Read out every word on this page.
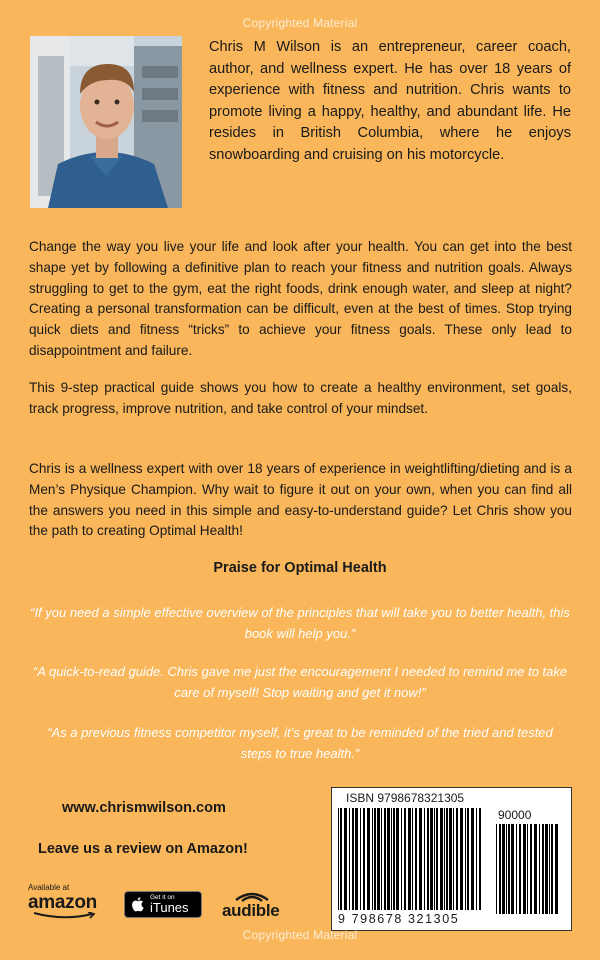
Copyrighted Material
Chris M Wilson is an entrepreneur, career coach, author, and wellness expert. He has over 18 years of experience with fitness and nutrition. Chris wants to promote living a happy, healthy, and abundant life. He resides in British Columbia, where he enjoys snowboarding and cruising on his motorcycle.
Change the way you live your life and look after your health. You can get into the best shape yet by following a definitive plan to reach your fitness and nutrition goals. Always struggling to get to the gym, eat the right foods, drink enough water, and sleep at night? Creating a personal transformation can be difficult, even at the best of times. Stop trying quick diets and fitness “tricks” to achieve your fitness goals. These only lead to disappointment and failure.
This 9-step practical guide shows you how to create a healthy environment, set goals, track progress, improve nutrition, and take control of your mindset.
Chris is a wellness expert with over 18 years of experience in weightlifting/dieting and is a Men’s Physique Champion. Why wait to figure it out on your own, when you can find all the answers you need in this simple and easy-to-understand guide? Let Chris show you the path to creating Optimal Health!
Praise for Optimal Health
“If you need a simple effective overview of the principles that will take you to better health, this book will help you.”
“A quick-to-read guide. Chris gave me just the encouragement I needed to remind me to take care of myself! Stop waiting and get it now!”
“As a previous fitness competitor myself, it’s great to be reminded of the tried and tested steps to true health.”
www.chrismwilson.com
Leave us a review on Amazon!
Available at
amazon	Get it on
iTunes audible
ISBN 9798678321305
90000
9 798678 321305
Copyrighted Material
